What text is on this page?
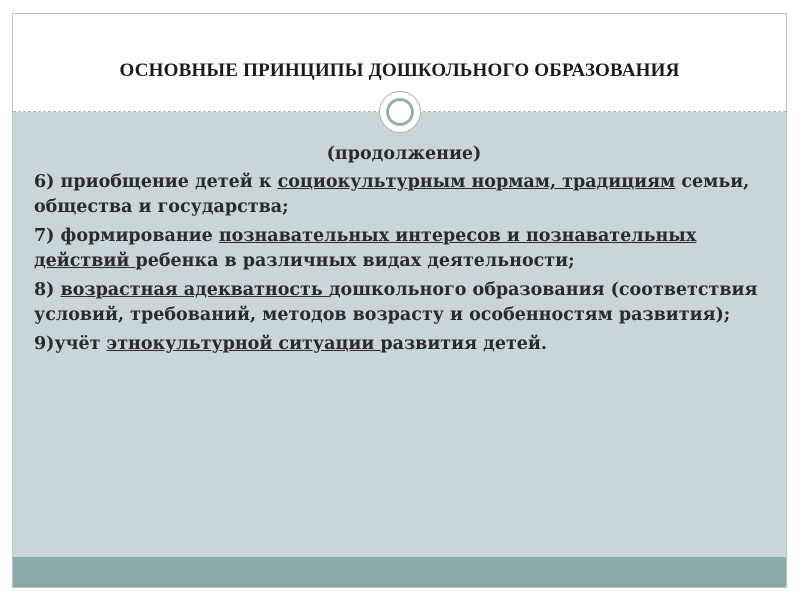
ОСНОВНЫЕ ПРИНЦИПЫ ДОШКОЛЬНОГО ОБРАЗОВАНИЯ
(продолжение)
6) приобщение детей к социокультурным нормам, традициям семьи, общества и государства;
7) формирование познавательных интересов и познавательных действий ребенка в различных видах деятельности;
8) возрастная адекватность дошкольного образования (соответствия условий, требований, методов возрасту и особенностям развития);
9)учёт этнокультурной ситуации развития детей.
